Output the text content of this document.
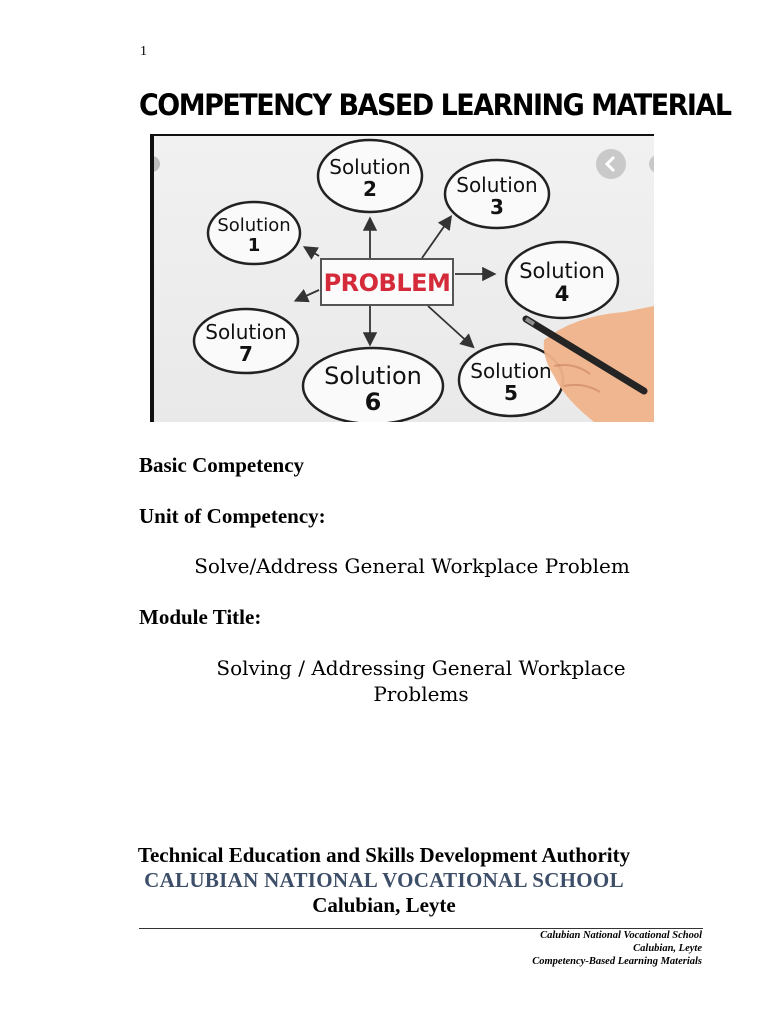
1
COMPETENCY BASED LEARNING MATERIAL
PROBLEM
Solution
2	Solution
3
Solution
1
Solution
4
Solution
7
Solution
6
Solution
5
Basic Competency
Unit of Competency:
Solve/Address General Workplace Problem
Module Title:
Solving / Addressing General Workplace
Problems
Technical Education and Skills Development Authority
CALUBIAN NATIONAL VOCATIONAL SCHOOL
Calubian, Leyte
Calubian National Vocational School
Calubian, Leyte
Competency-Based Learning Materials
